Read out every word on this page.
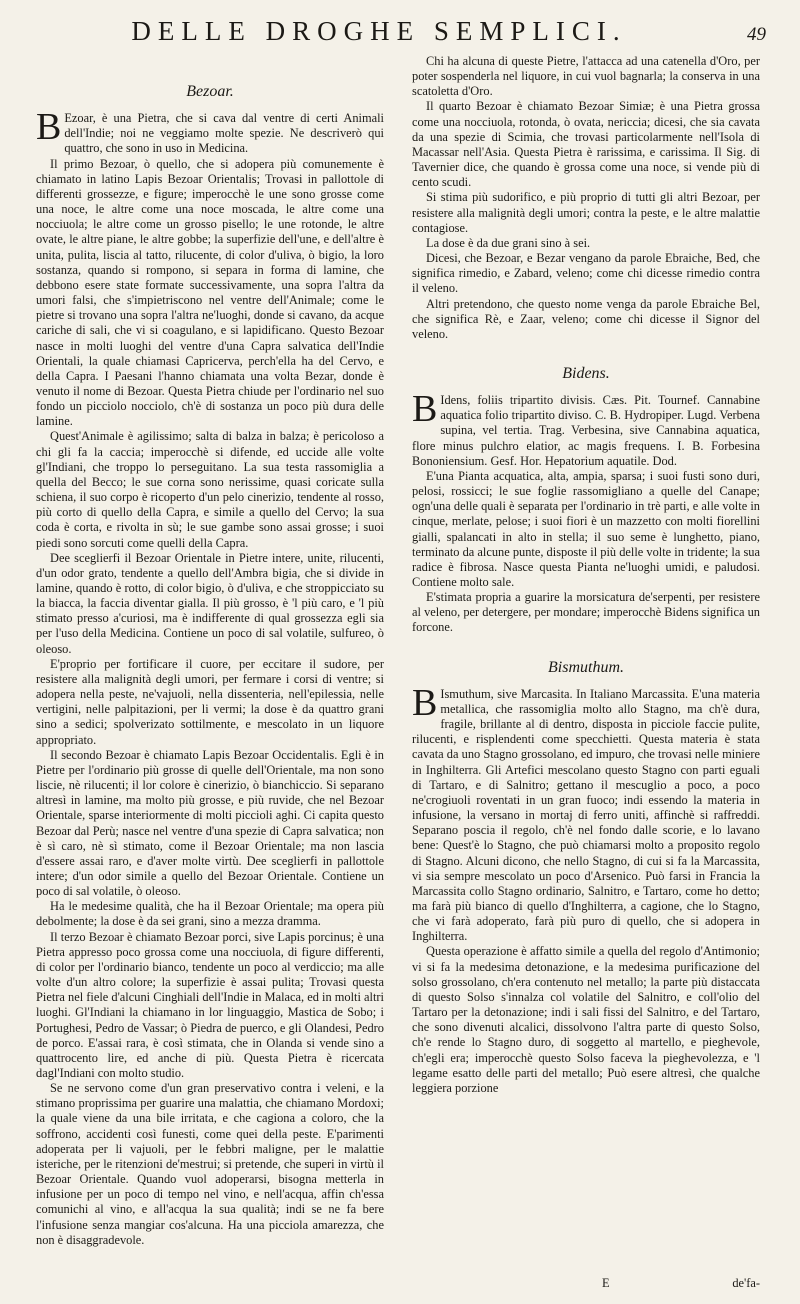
DELLE DROGHE SEMPLICI.	49
Bezoar.

B Ezoar, è una Pietra, che si cava dal ventre di certi Animali dell'Indie; noi ne veggiamo molte spezie. Ne descriverò qui quattro, che sono in uso in Medicina.

Il primo Bezoar, ò quello, che si adopera più comunemente è chiamato in latino Lapis Bezoar Orientalis; Trovasi in pallottole di differenti grossezze, e figure; imperocchè le une sono grosse come una noce, le altre come una noce moscada, le altre come una nocciuola; le altre come un grosso pisello; le une rotonde, le altre ovate, le altre piane, le altre gobbe; la superfizie dell'une, e dell'altre è unita, pulita, liscia al tatto, rilucente, di color d'uliva, ò bigio, la loro sostanza, quando si rompono, si separa in forma di lamine, che debbono esere state formate successivamente, una sopra l'altra da umori falsi, che s'impietriscono nel ventre dell'Animale; come le pietre si trovano una sopra l'altra ne'luoghi, donde si cavano, da acque cariche di sali, che vi si coagulano, e si lapidificano. Questo Bezoar nasce in molti luoghi del ventre d'una Capra salvatica dell'Indie Orientali, la quale chiamasi Capricerva, perch'ella ha del Cervo, e della Capra. I Paesani l'hanno chiamata una volta Bezar, donde è venuto il nome di Bezoar. Questa Pietra chiude per l'ordinario nel suo fondo un picciolo nocciolo, ch'è di sostanza un poco più dura delle lamine.

Quest'Animale è agilissimo; salta di balza in balza; è pericoloso a chi gli fa la caccia; imperocchè si difende, ed uccide alle volte gl'Indiani, che troppo lo perseguitano. La sua testa rassomiglia a quella del Becco; le sue corna sono nerissime, quasi coricate sulla schiena, il suo corpo è ricoperto d'un pelo cinerizio, tendente al rosso, più corto di quello della Capra, e simile a quello del Cervo; la sua coda è corta, e rivolta in sù; le sue gambe sono assai grosse; i suoi piedi sono sorcuti come quelli della Capra.

Dee sceglierfi il Bezoar Orientale in Pietre intere, unite, rilucenti, d'un odor grato, tendente a quello dell'Ambra bigia, che si divide in lamine, quando è rotto, di color bigio, ò d'uliva, e che stroppicciato su la biacca, la faccia diventar gialla. Il più grosso, è 'l più caro, e 'l più stimato presso a'curiosi, ma è indifferente di qual grossezza egli sia per l'uso della Medicina. Contiene un poco di sal volatile, sulfureo, ò oleoso.

E'proprio per fortificare il cuore, per eccitare il sudore, per resistere alla malignità degli umori, per fermare i corsi di ventre; si adopera nella peste, ne'vajuoli, nella dissenteria, nell'epilessia, nelle vertigini, nelle palpitazioni, per li vermi; la dose è da quattro grani sino a sedici; spolverizato sottilmente, e mescolato in un liquore appropriato.

Il secondo Bezoar è chiamato Lapis Bezoar Occidentalis. Egli è in Pietre per l'ordinario più grosse di quelle dell'Orientale, ma non sono liscie, nè rilucenti; il lor colore è cinerizio, ò bianchiccio. Si separano altresì in lamine, ma molto più grosse, e più ruvide, che nel Bezoar Orientale, sparse interiormente di molti piccioli aghi. Ci capita questo Bezoar dal Perù; nasce nel ventre d'una spezie di Capra salvatica; non è sì caro, nè sì stimato, come il Bezoar Orientale; ma non lascia d'essere assai raro, e d'aver molte virtù. Dee sceglierfi in pallottole intere; d'un odor simile a quello del Bezoar Orientale. Contiene un poco di sal volatile, ò oleoso.

Ha le medesime qualità, che ha il Bezoar Orientale; ma opera più debolmente; la dose è da sei grani, sino a mezza dramma.

Il terzo Bezoar è chiamato Bezoar porci, sive Lapis porcinus; è una Pietra appresso poco grossa come una nocciuola, di figure differenti, di color per l'ordinario bianco, tendente un poco al verdiccio; ma alle volte d'un altro colore; la superfizie è assai pulita; Trovasi questa Pietra nel fiele d'alcuni Cinghiali dell'Indie in Malaca, ed in molti altri luoghi. Gl'Indiani la chiamano in lor linguaggio, Mastica de Sobo; i Portughesi, Pedro de Vassar; ò Piedra de puerco, e gli Olandesi, Pedro de porco. E'assai rara, è così stimata, che in Olanda si vende sino a quattrocento lire, ed anche di più. Questa Pietra è ricercata dagl'Indiani con molto studio.

Se ne servono come d'un gran preservativo contra i veleni, e la stimano proprissima per guarire una malattia, che chiamano Mordoxi; la quale viene da una bile irritata, e che cagiona a coloro, che la soffrono, accidenti così funesti, come quei della peste. E'parimenti adoperata per li vajuoli, per le febbri maligne, per le malattie isteriche, per le ritenzioni de'mestrui; si pretende, che superi in virtù il Bezoar Orientale. Quando vuol adoperarsi, bisogna metterla in infusione per un poco di tempo nel vino, e nell'acqua, affin ch'essa comunichi al vino, e all'acqua la sua qualità; indi se ne fa bere l'infusione senza mangiar cos'alcuna. Ha una picciola amarezza, che non è disaggradevole.

Chi ha alcuna di queste Pietre, l'attacca ad una catenella d'Oro, per poter sospenderla nel liquore, in cui vuol bagnarla; la conserva in una scatoletta d'Oro.

Il quarto Bezoar è chiamato Bezoar Simiæ; è una Pietra grossa come una nocciuola, rotonda, ò ovata, nericcia; dicesi, che sia cavata da una spezie di Scimia, che trovasi particolarmente nell'Isola di Macassar nell'Asia. Questa Pietra è rarissima, e carissima. Il Sig. di Tavernier dice, che quando è grossa come una noce, si vende più di cento scudi.

Si stima più sudorifico, e più proprio di tutti gli altri Bezoar, per resistere alla malignità degli umori; contra la peste, e le altre malattie contagiose.

La dose è da due grani sino à sei.

Dicesi, che Bezoar, e Bezar vengano da parole Ebraiche, Bed, che significa rimedio, e Zabard, veleno; come chi dicesse rimedio contra il veleno.

Altri pretendono, che questo nome venga da parole Ebraiche Bel, che significa Rè, e Zaar, veleno; come chi dicesse il Signor del veleno.

Bidens.

B Idens, foliis tripartito divisis. Cæs. Pit. Tournef. Cannabine aquatica folio tripartito diviso. C. B. Hydropiper. Lugd. Verbena supina, vel tertia. Trag. Verbesina, sive Cannabina aquatica, flore minus pulchro elatior, ac magis frequens. I. B. Forbesina Bononiensium. Gesf. Hor. Hepatorium aquatile. Dod.

E'una Pianta acquatica, alta, ampia, sparsa; i suoi fusti sono duri, pelosi, rossicci; le sue foglie rassomigliano a quelle del Canape; ogn'una delle quali è separata per l'ordinario in trè parti, e alle volte in cinque, merlate, pelose; i suoi fiori è un mazzetto con molti fiorellini gialli, spalancati in alto in stella; il suo seme è lunghetto, piano, terminato da alcune punte, disposte il più delle volte in tridente; la sua radice è fibrosa. Nasce questa Pianta ne'luoghi umidi, e paludosi. Contiene molto sale.

E'stimata propria a guarire la morsicatura de'serpenti, per resistere al veleno, per detergere, per mondare; imperocchè Bidens significa un forcone.

Bismuthum.

B Ismuthum, sive Marcasita. In Italiano Marcassita. E'una materia metallica, che rassomiglia molto allo Stagno, ma ch'è dura, fragile, brillante al di dentro, disposta in picciole faccie pulite, rilucenti, e risplendenti come specchietti. Questa materia è stata cavata da uno Stagno grossolano, ed impuro, che trovasi nelle miniere in Inghilterra. Gli Artefici mescolano questo Stagno con parti eguali di Tartaro, e di Salnitro; gettano il mescuglio a poco, a poco ne'crogiuoli roventati in un gran fuoco; indi essendo la materia in infusione, la versano in mortaj di ferro uniti, affinchè si raffreddi. Separano poscia il regolo, ch'è nel fondo dalle scorie, e lo lavano bene: Quest'è lo Stagno, che può chiamarsi molto a proposito regolo di Stagno. Alcuni dicono, che nello Stagno, di cui si fa la Marcassita, vi sia sempre mescolato un poco d'Arsenico. Può farsi in Francia la Marcassita collo Stagno ordinario, Salnitro, e Tartaro, come ho detto; ma farà più bianco di quello d'Inghilterra, a cagione, che lo Stagno, che vi farà adoperato, farà più puro di quello, che si adopera in Inghilterra.

Questa operazione è affatto simile a quella del regolo d'Antimonio; vi si fa la medesima detonazione, e la medesima purificazione del solso grossolano, ch'era contenuto nel metallo; la parte più distaccata di questo Solso s'innalza col volatile del Salnitro, e coll'olio del Tartaro per la detonazione; indi i sali fissi del Salnitro, e del Tartaro, che sono divenuti alcalici, dissolvono l'altra parte di questo Solso, ch'e rende lo Stagno duro, di soggetto al martello, e pieghevole, ch'egli era; imperocchè questo Solso faceva la pieghevolezza, e 'l legame esatto delle parti del metallo; Può esere altresì, che qualche leggiera porzione

E	de'fa-
